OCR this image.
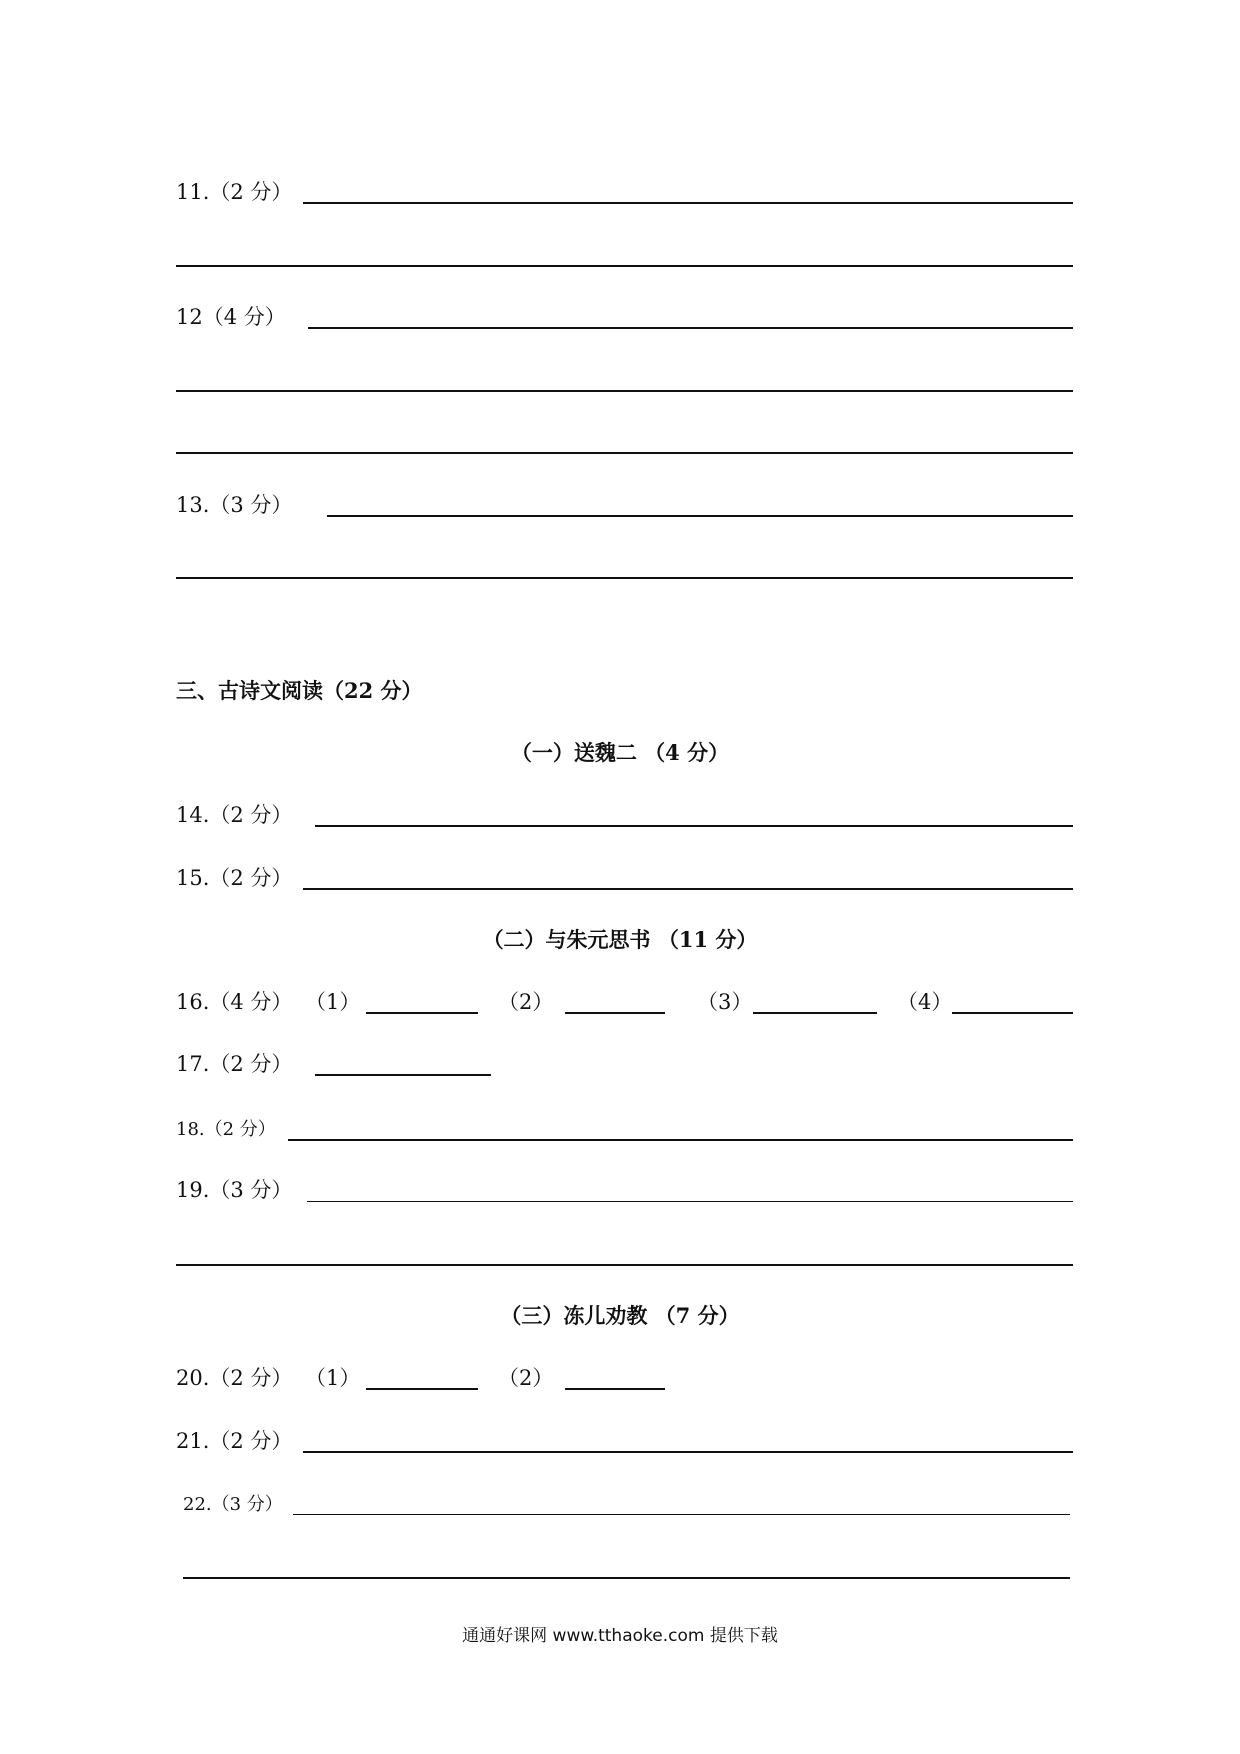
11.（2 分）
12（4 分）
13.（3 分）
三、古诗文阅读（22 分）
（一）送魏二 （4 分）
14.（2 分）
15.（2 分）
（二）与朱元思书 （11 分）
16.（4 分） （1）	（2）	（3）	（4）
17.（2 分）
18.（2 分）
19.（3 分）
（三）冻儿劝教 （7 分）
20.（2 分） （1）	（2）
21.（2 分）
22.（3 分）
通通好课网 www.tthaoke.com 提供下载
